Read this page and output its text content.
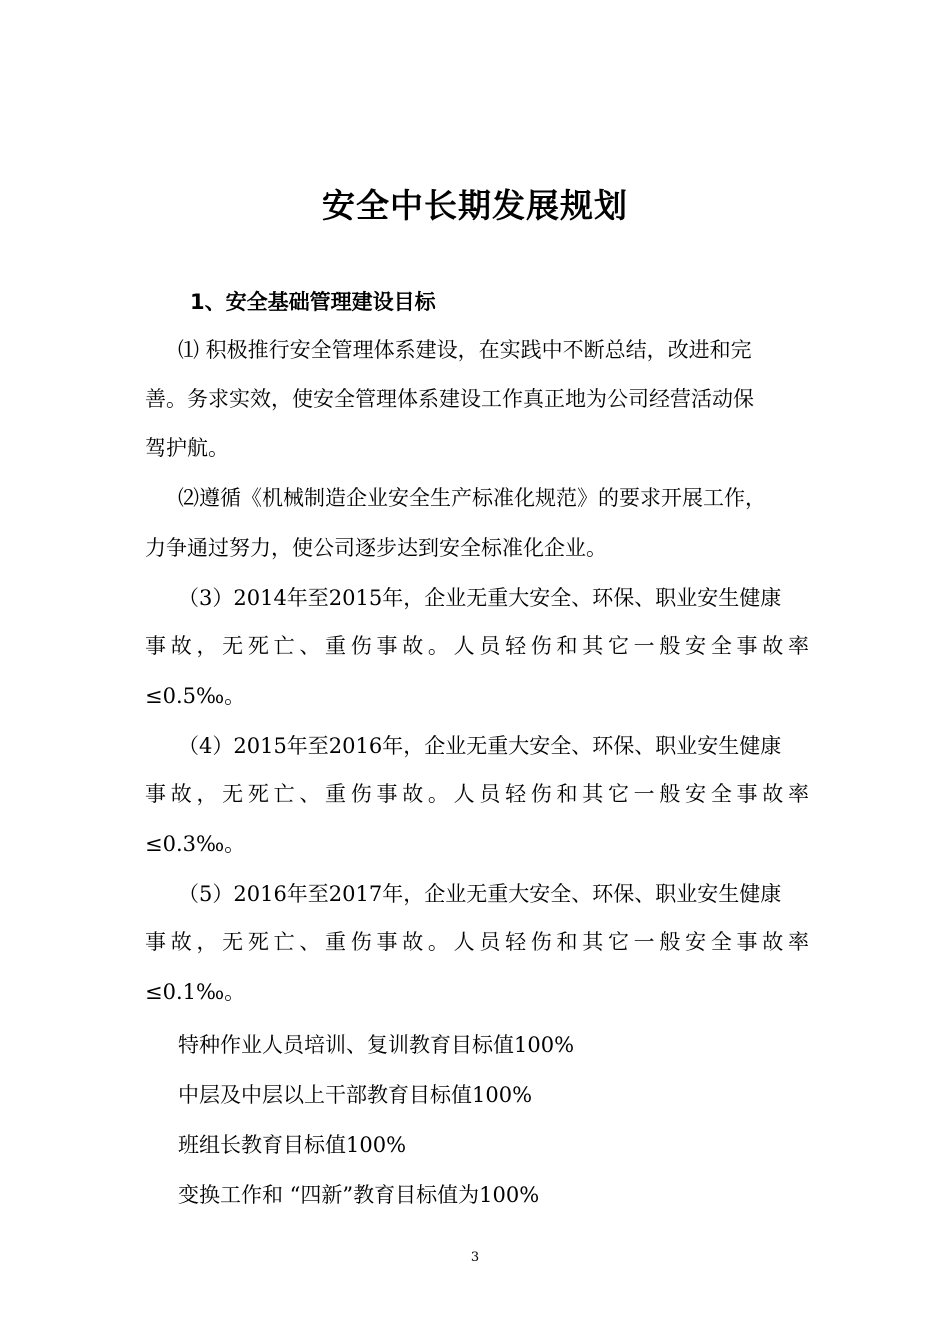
安全中长期发展规划
1、安全基础管理建设目标
⑴ 积极推行安全管理体系建设，在实践中不断总结，改进和完
善。务求实效，使安全管理体系建设工作真正地为公司经营活动保
驾护航。
⑵遵循《机械制造企业安全生产标准化规范》的要求开展工作，
力争通过努力，使公司逐步达到安全标准化企业。
（3）2014年至2015年，企业无重大安全、环保、职业安生健康
事故，无死亡、重伤事故。人员轻伤和其它一般安全事故率
≤0.5‰。
（4）2015年至2016年，企业无重大安全、环保、职业安生健康
事故，无死亡、重伤事故。人员轻伤和其它一般安全事故率
≤0.3‰。
（5）2016年至2017年，企业无重大安全、环保、职业安生健康
事故，无死亡、重伤事故。人员轻伤和其它一般安全事故率
≤0.1‰。
特种作业人员培训、复训教育目标值100%
中层及中层以上干部教育目标值100%
班组长教育目标值100%
变换工作和 “四新”教育目标值为100%
3
